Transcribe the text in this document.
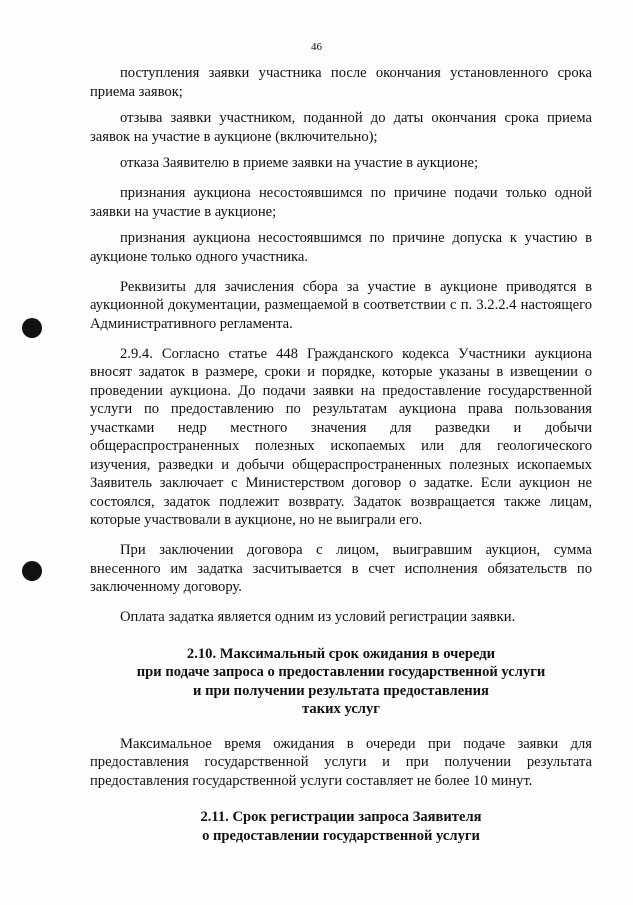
46

поступления заявки участника после окончания установленного срока приема заявок;

отзыва заявки участником, поданной до даты окончания срока приема заявок на участие в аукционе (включительно);

отказа Заявителю в приеме заявки на участие в аукционе;

признания аукциона несостоявшимся по причине подачи только одной заявки на участие в аукционе;

признания аукциона несостоявшимся по причине допуска к участию в аукционе только одного участника.

Реквизиты для зачисления сбора за участие в аукционе приводятся в аукционной документации, размещаемой в соответствии с п. 3.2.2.4 настоящего Административного регламента.

2.9.4. Согласно статье 448 Гражданского кодекса Участники аукциона вносят задаток в размере, сроки и порядке, которые указаны в извещении о проведении аукциона. До подачи заявки на предоставление государственной услуги по предоставлению по результатам аукциона права пользования участками недр местного значения для разведки и добычи общераспространенных полезных ископаемых или для геологического изучения, разведки и добычи общераспространенных полезных ископаемых Заявитель заключает с Министерством договор о задатке. Если аукцион не состоялся, задаток подлежит возврату. Задаток возвращается также лицам, которые участвовали в аукционе, но не выиграли его.

При заключении договора с лицом, выигравшим аукцион, сумма внесенного им задатка засчитывается в счет исполнения обязательств по заключенному договору.

Оплата задатка является одним из условий регистрации заявки.

2.10. Максимальный срок ожидания в очереди
при подаче запроса о предоставлении государственной услуги
и при получении результата предоставления
таких услуг

Максимальное время ожидания в очереди при подаче заявки для предоставления государственной услуги и при получении результата предоставления государственной услуги составляет не более 10 минут.

2.11. Срок регистрации запроса Заявителя
о предоставлении государственной услуги
